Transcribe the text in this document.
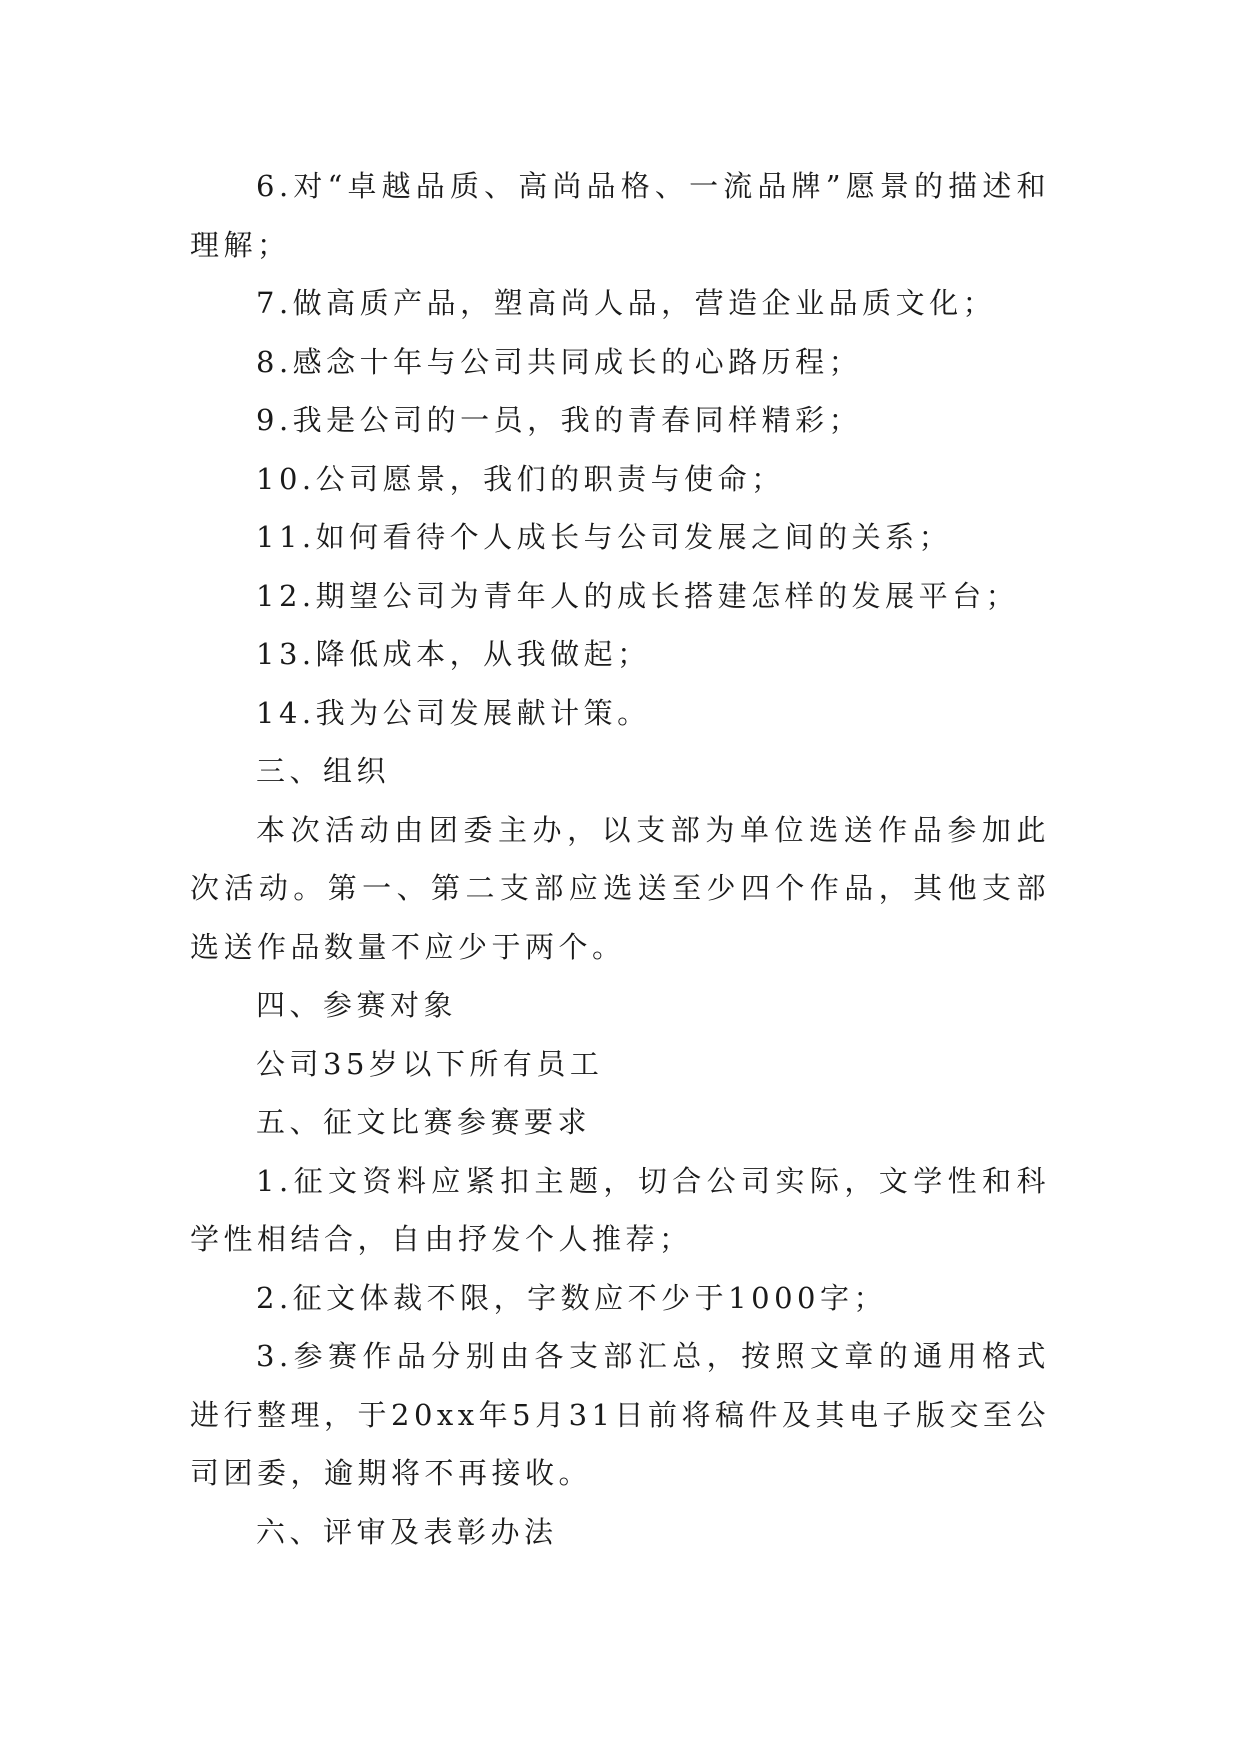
6.对“卓越品质、高尚品格、一流品牌”愿景的描述和理解；

7.做高质产品，塑高尚人品，营造企业品质文化；

8.感念十年与公司共同成长的心路历程；

9.我是公司的一员，我的青春同样精彩；

10.公司愿景，我们的职责与使命；

11.如何看待个人成长与公司发展之间的关系；

12.期望公司为青年人的成长搭建怎样的发展平台；

13.降低成本，从我做起；

14.我为公司发展献计策。

三、组织

本次活动由团委主办，以支部为单位选送作品参加此次活动。第一、第二支部应选送至少四个作品，其他支部选送作品数量不应少于两个。

四、参赛对象

公司35岁以下所有员工

五、征文比赛参赛要求

1.征文资料应紧扣主题，切合公司实际，文学性和科学性相结合，自由抒发个人推荐；

2.征文体裁不限，字数应不少于1000字；

3.参赛作品分别由各支部汇总，按照文章的通用格式进行整理，于20xx年5月31日前将稿件及其电子版交至公司团委，逾期将不再接收。

六、评审及表彰办法
